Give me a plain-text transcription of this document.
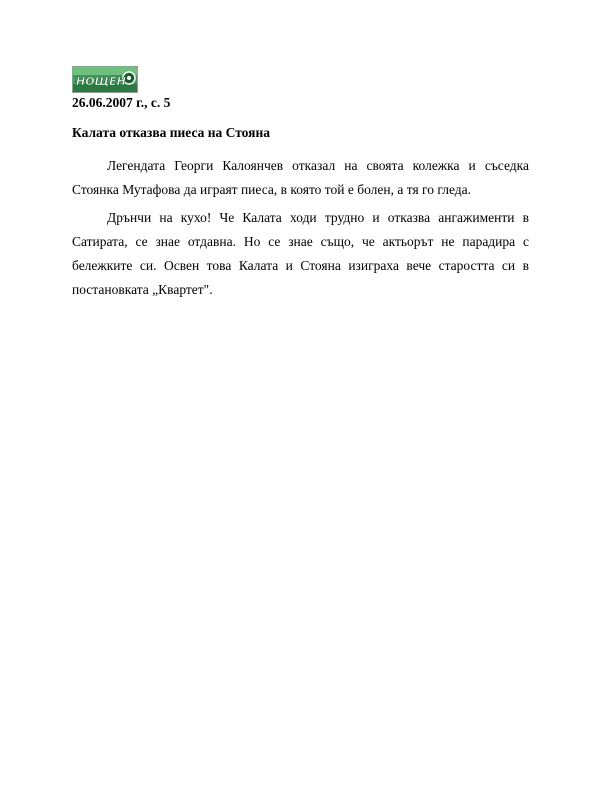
НОЩЕН
26.06.2007 г., с. 5
Калата отказва пиеса на Стояна

Легендата Георги Калоянчев отказал на своята колежка и съседка Стоянка Мутафова да играят пиеса, в която той е болен, а тя го гледа.

Дрънчи на кухо! Че Калата ходи трудно и отказва ангажименти в Сатирата, се знае отдавна. Но се знае също, че актьорът не парадира с бележките си. Освен това Калата и Стояна изиграха вече старостта си в постановката „Квартет".
